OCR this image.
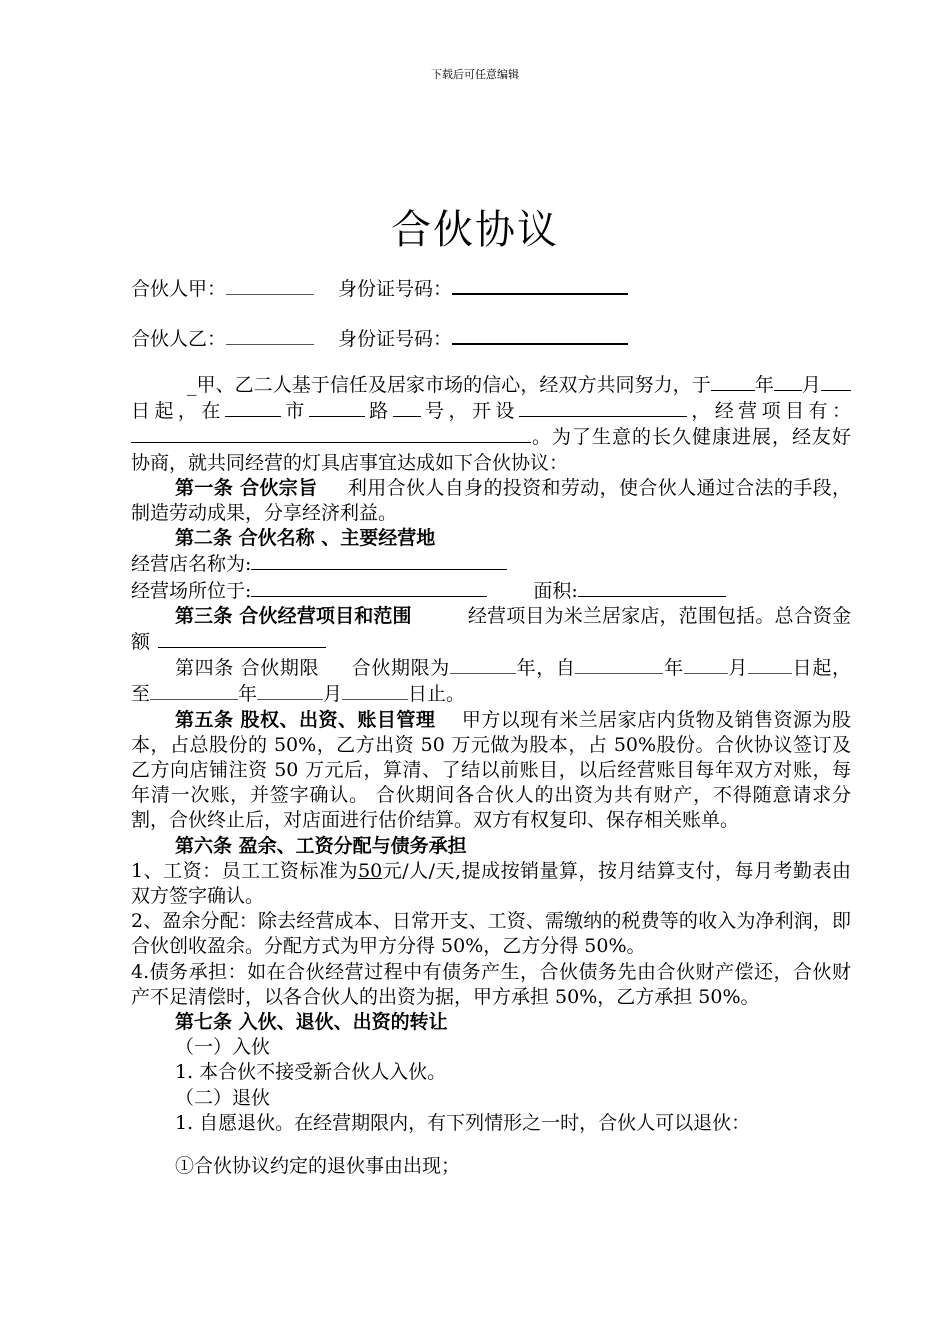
下载后可任意编辑
合伙协议
合伙人甲：	身份证号码：
合伙人乙：	身份证号码：

_甲、乙二人基于信任及居家市场的信心，经双方共同努力，于 年 月日起，在	市	路 号，开设	，经营项目有：。为了生意的长久健康进展，经友好协商，就共同经营的灯具店事宜达成如下合伙协议：

第一条 合伙宗旨 利用合伙人自身的投资和劳动，使合伙人通过合法的手段，制造劳动成果，分享经济利益。

第二条 合伙名称 、主要经营地

经营店名称为:

经营场所位于:	面积:

第三条 合伙经营项目和范围	经营项目为米兰居家店，范围包括。总合资金额

第四条 合伙期限 合伙期限为	年，自	年 月 日起，至	年	月	日止。

第五条 股权、出资、账目管理 甲方以现有米兰居家店内货物及销售资源为股本，占总股份的 50%，乙方出资 50 万元做为股本，占 50%股份。合伙协议签订及乙方向店铺注资 50 万元后，算清、了结以前账目，以后经营账目每年双方对账，每年清一次账，并签字确认。 合伙期间各合伙人的出资为共有财产，不得随意请求分割，合伙终止后，对店面进行估价结算。双方有权复印、保存相关账单。

第六条 盈余、工资分配与债务承担

1、工资：员工工资标准为50元/人/天,提成按销量算，按月结算支付，每月考勤表由双方签字确认。

2、盈余分配：除去经营成本、日常开支、工资、需缴纳的税费等的收入为净利润，即合伙创收盈余。分配方式为甲方分得 50%，乙方分得 50%。

4.债务承担：如在合伙经营过程中有债务产生，合伙债务先由合伙财产偿还，合伙财产不足清偿时，以各合伙人的出资为据，甲方承担 50%，乙方承担 50%。

第七条 入伙、退伙、出资的转让

（一）入伙

1. 本合伙不接受新合伙人入伙。

（二）退伙

1. 自愿退伙。在经营期限内，有下列情形之一时，合伙人可以退伙：

①合伙协议约定的退伙事由出现；
